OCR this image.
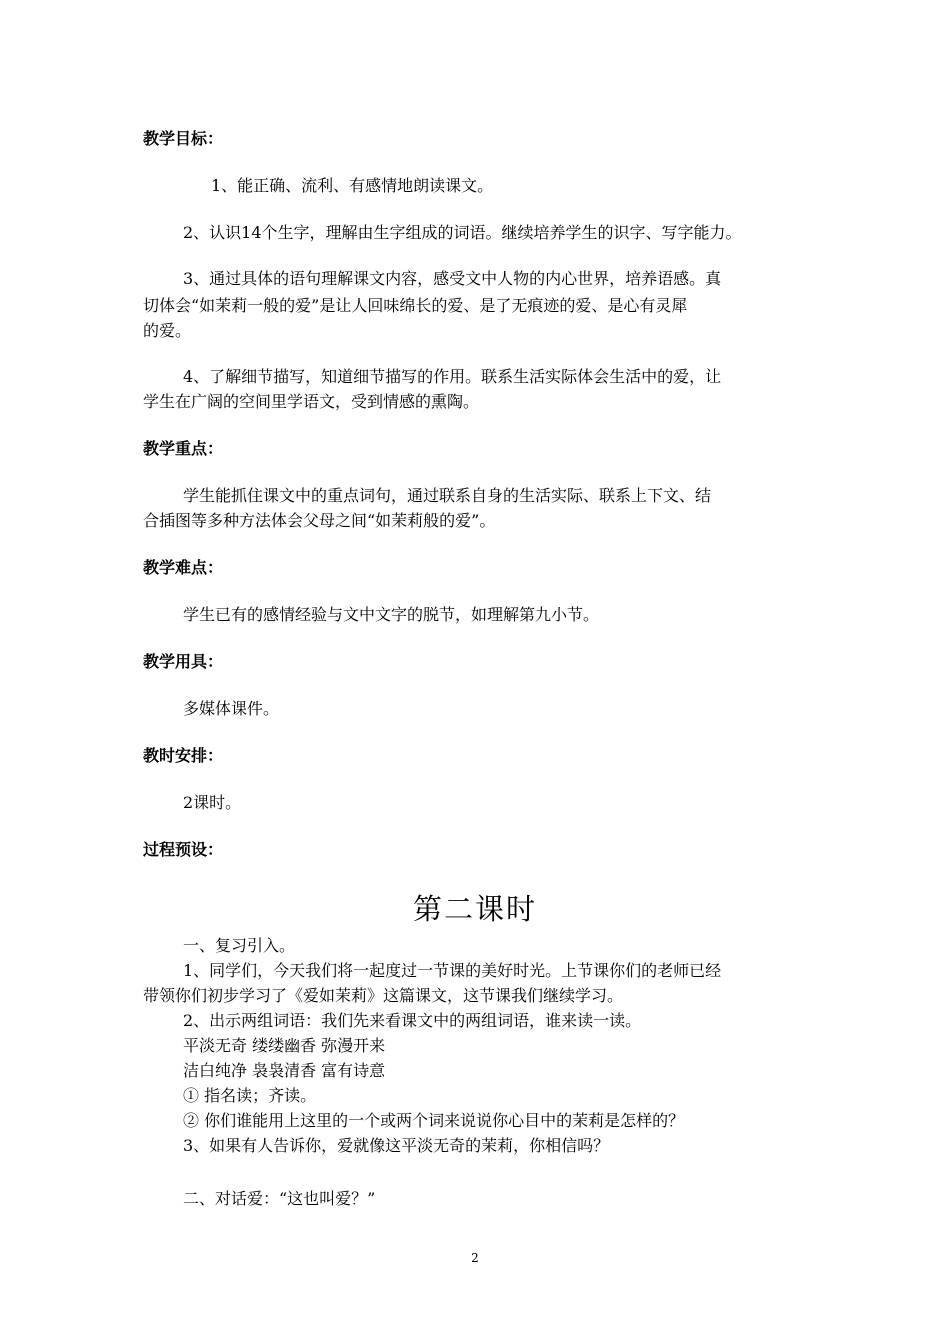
教学目标：
1、能正确、流利、有感情地朗读课文。
2、认识14个生字，理解由生字组成的词语。继续培养学生的识字、写字能力。
3、通过具体的语句理解课文内容，感受文中人物的内心世界，培养语感。真
切体会“如茉莉一般的爱”是让人回味绵长的爱、是了无痕迹的爱、是心有灵犀
的爱。
4、了解细节描写，知道细节描写的作用。联系生活实际体会生活中的爱，让
学生在广阔的空间里学语文，受到情感的熏陶。
教学重点：
学生能抓住课文中的重点词句，通过联系自身的生活实际、联系上下文、结
合插图等多种方法体会父母之间“如茉莉般的爱”。
教学难点：
学生已有的感情经验与文中文字的脱节，如理解第九小节。
教学用具：
多媒体课件。
教时安排：
2课时。
过程预设：
第二课时
一、复习引入。
1、同学们，今天我们将一起度过一节课的美好时光。上节课你们的老师已经
带领你们初步学习了《爱如茉莉》这篇课文，这节课我们继续学习。
2、出示两组词语：我们先来看课文中的两组词语，谁来读一读。
平淡无奇 缕缕幽香 弥漫开来
洁白纯净 袅袅清香 富有诗意
① 指名读；齐读。
② 你们谁能用上这里的一个或两个词来说说你心目中的茉莉是怎样的？
3、如果有人告诉你，爱就像这平淡无奇的茉莉，你相信吗？
二、对话爱：“这也叫爱？”
2
